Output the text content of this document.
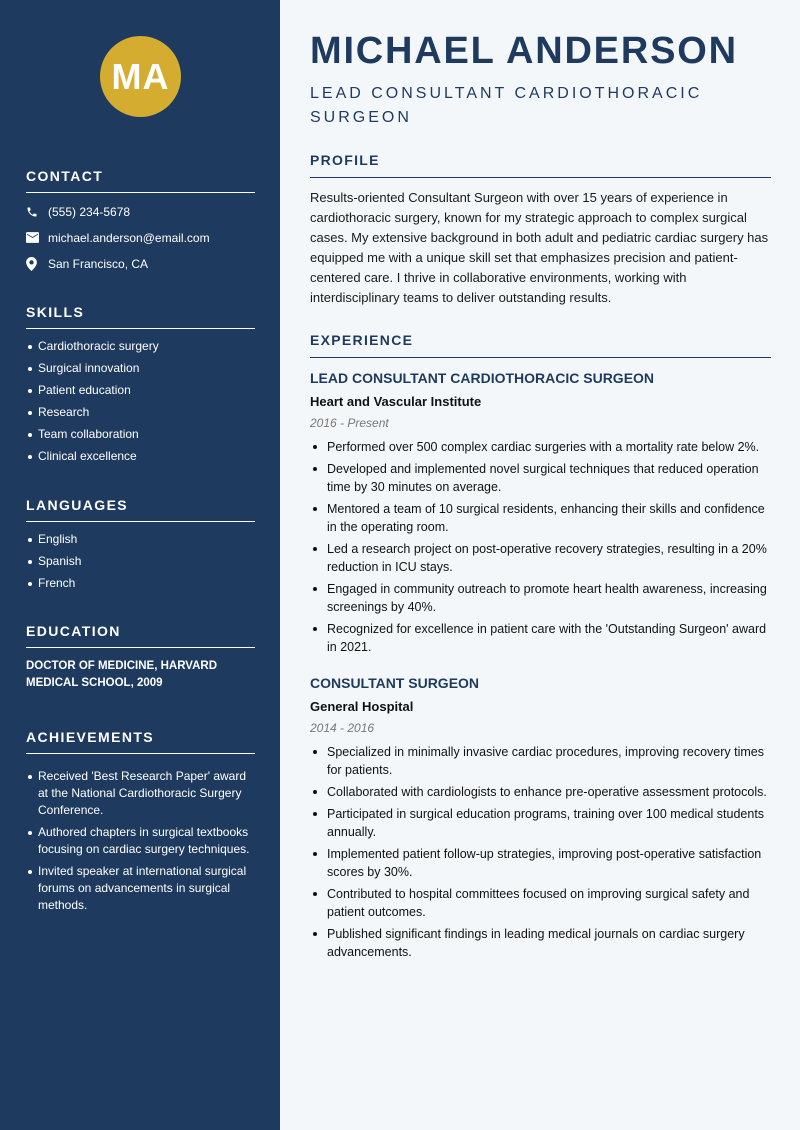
MA
CONTACT
(555) 234-5678
michael.anderson@email.com
San Francisco, CA
SKILLS
Cardiothoracic surgery
Surgical innovation
Patient education
Research
Team collaboration
Clinical excellence
LANGUAGES
English
Spanish
French
EDUCATION
DOCTOR OF MEDICINE, HARVARD MEDICAL SCHOOL, 2009
ACHIEVEMENTS
Received 'Best Research Paper' award at the National Cardiothoracic Surgery Conference.
Authored chapters in surgical textbooks focusing on cardiac surgery techniques.
Invited speaker at international surgical forums on advancements in surgical methods.
MICHAEL ANDERSON
LEAD CONSULTANT CARDIOTHORACIC SURGEON
PROFILE
Results-oriented Consultant Surgeon with over 15 years of experience in cardiothoracic surgery, known for my strategic approach to complex surgical cases. My extensive background in both adult and pediatric cardiac surgery has equipped me with a unique skill set that emphasizes precision and patient-centered care. I thrive in collaborative environments, working with interdisciplinary teams to deliver outstanding results.
EXPERIENCE
LEAD CONSULTANT CARDIOTHORACIC SURGEON
Heart and Vascular Institute
2016 - Present
Performed over 500 complex cardiac surgeries with a mortality rate below 2%.
Developed and implemented novel surgical techniques that reduced operation time by 30 minutes on average.
Mentored a team of 10 surgical residents, enhancing their skills and confidence in the operating room.
Led a research project on post-operative recovery strategies, resulting in a 20% reduction in ICU stays.
Engaged in community outreach to promote heart health awareness, increasing screenings by 40%.
Recognized for excellence in patient care with the 'Outstanding Surgeon' award in 2021.
CONSULTANT SURGEON
General Hospital
2014 - 2016
Specialized in minimally invasive cardiac procedures, improving recovery times for patients.
Collaborated with cardiologists to enhance pre-operative assessment protocols.
Participated in surgical education programs, training over 100 medical students annually.
Implemented patient follow-up strategies, improving post-operative satisfaction scores by 30%.
Contributed to hospital committees focused on improving surgical safety and patient outcomes.
Published significant findings in leading medical journals on cardiac surgery advancements.
